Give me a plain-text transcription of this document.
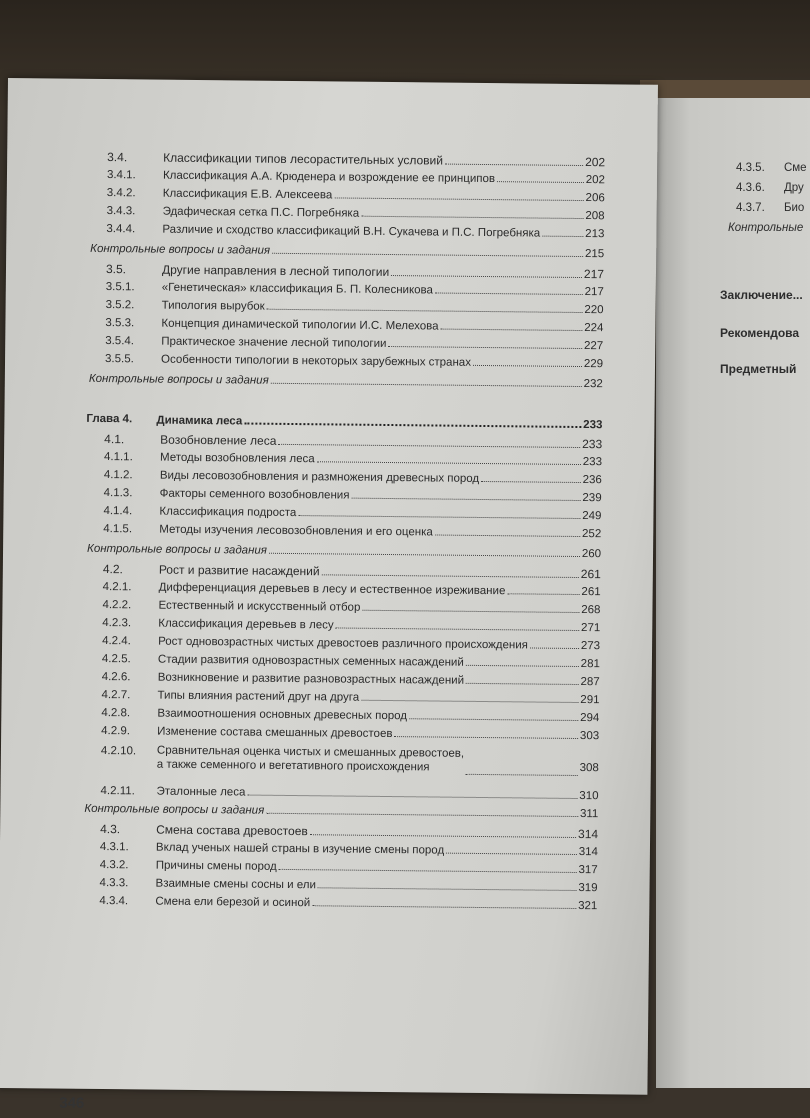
4.3.5. Сме
4.3.6. Дру
4.3.7. Био
Контрольные
Заключение...
Рекомендова
Предметный
3.4.	Классификации типов лесорастительных условий	202
3.4.1. Классификация А.А. Крюденера и возрождение ее принципов	202
3.4.2. Классификация Е.В. Алексеева	206
3.4.3. Эдафическая сетка П.С. Погребняка	208
3.4.4. Различие и сходство классификаций В.Н. Сукачева и П.С. Погребняка	213
Контрольные вопросы и задания	215
3.5.	Другие направления в лесной типологии	217
3.5.1. «Генетическая» классификация Б. П. Колесникова	217
3.5.2. Типология вырубок	220
3.5.3. Концепция динамической типологии И.С. Мелехова	224
3.5.4. Практическое значение лесной типологии	227
3.5.5. Особенности типологии в некоторых зарубежных странах	229
Контрольные вопросы и задания	232
Глава 4. Динамика леса	233
4.1.	Возобновление леса	233
4.1.1. Методы возобновления леса	233
4.1.2. Виды лесовозобновления и размножения древесных пород	236
4.1.3. Факторы семенного возобновления	239
4.1.4. Классификация подроста	249
4.1.5. Методы изучения лесовозобновления и его оценка	252
Контрольные вопросы и задания	260
4.2.	Рост и развитие насаждений	261
4.2.1. Дифференциация деревьев в лесу и естественное изреживание	261
4.2.2. Естественный и искусственный отбор	268
4.2.3. Классификация деревьев в лесу	271
4.2.4. Рост одновозрастных чистых древостоев различного происхождения	273
4.2.5. Стадии развития одновозрастных семенных насаждений	281
4.2.6. Возникновение и развитие разновозрастных насаждений	287
4.2.7. Типы влияния растений друг на друга	291
4.2.8. Взаимоотношения основных древесных пород	294
4.2.9. Изменение состава смешанных древостоев	303
4.2.10. Сравнительная оценка чистых и смешанных древостоев,
а также семенного и вегетативного происхождения	308
4.2.11. Эталонные леса	310
Контрольные вопросы и задания	311
4.3.	Смена состава древостоев	314
4.3.1. Вклад ученых нашей страны в изучение смены пород	314
4.3.2. Причины смены пород	317
4.3.3. Взаимные смены сосны и ели	319
4.3.4. Смена ели березой и осиной	321
346
